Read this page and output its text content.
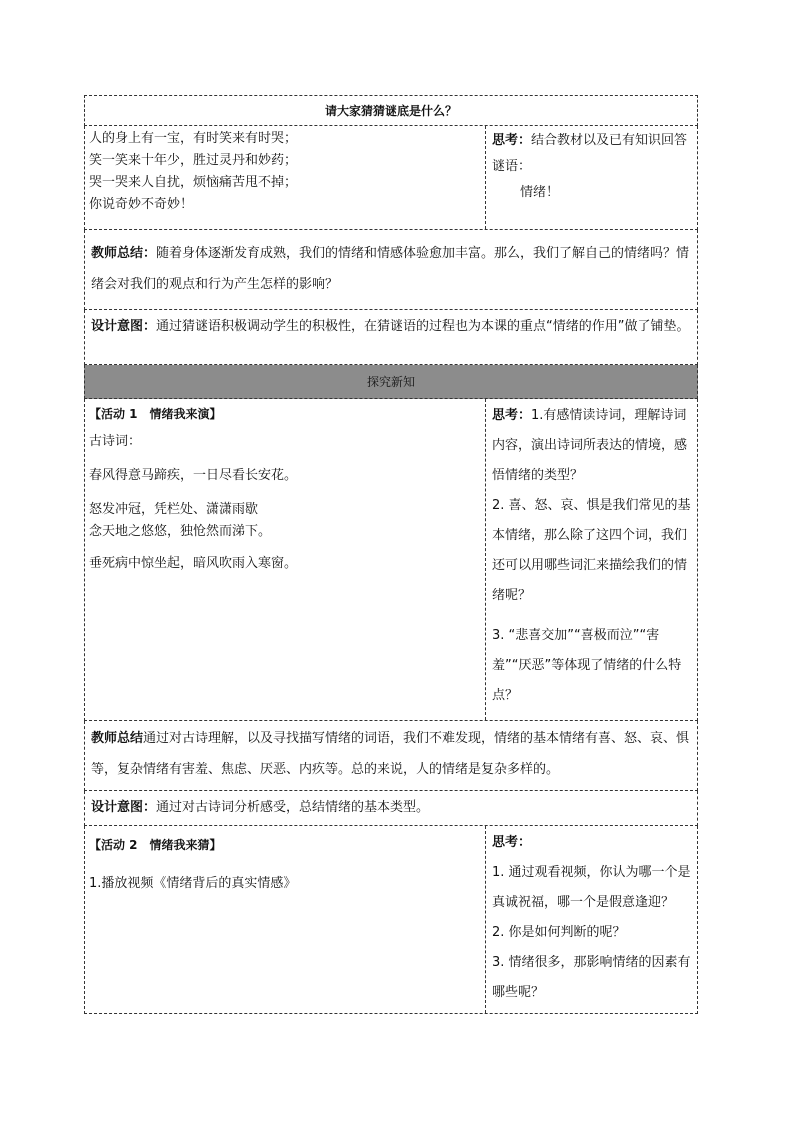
请大家猜猜谜底是什么？
人的身上有一宝，有时笑来有时哭；
笑一笑来十年少，胜过灵丹和妙药；
哭一哭来人自扰，烦恼痛苦甩不掉；
你说奇妙不奇妙！
思考：结合教材以及已有知识回答谜语：
情绪！
教师总结：随着身体逐渐发育成熟，我们的情绪和情感体验愈加丰富。那么，我们了解自己的情绪吗？情绪会对我们的观点和行为产生怎样的影响？
设计意图：通过猜谜语积极调动学生的积极性，在猜谜语的过程也为本课的重点“情绪的作用”做了铺垫。
探究新知
【活动 1　情绪我来演】
古诗词：
春风得意马蹄疾，一日尽看长安花。
怒发冲冠，凭栏处、潇潇雨歇
念天地之悠悠，独怆然而涕下。
垂死病中惊坐起，暗风吹雨入寒窗。

思考：1.有感情读诗词，理解诗词内容，演出诗词所表达的情境，感悟情绪的类型？

2. 喜、怒、哀、惧是我们常见的基本情绪，那么除了这四个词，我们还可以用哪些词汇来描绘我们的情绪呢？

3. “悲喜交加”“喜极而泣”“害羞”“厌恶”等体现了情绪的什么特点？

教师总结通过对古诗理解，以及寻找描写情绪的词语，我们不难发现，情绪的基本情绪有喜、怒、哀、惧等，复杂情绪有害羞、焦虑、厌恶、内疚等。总的来说，人的情绪是复杂多样的。
设计意图：通过对古诗词分析感受，总结情绪的基本类型。
【活动 2　情绪我来猜】
1.播放视频《情绪背后的真实情感》

思考：

1. 通过观看视频，你认为哪一个是真诚祝福，哪一个是假意逢迎？

2. 你是如何判断的呢？

3. 情绪很多，那影响情绪的因素有哪些呢？
